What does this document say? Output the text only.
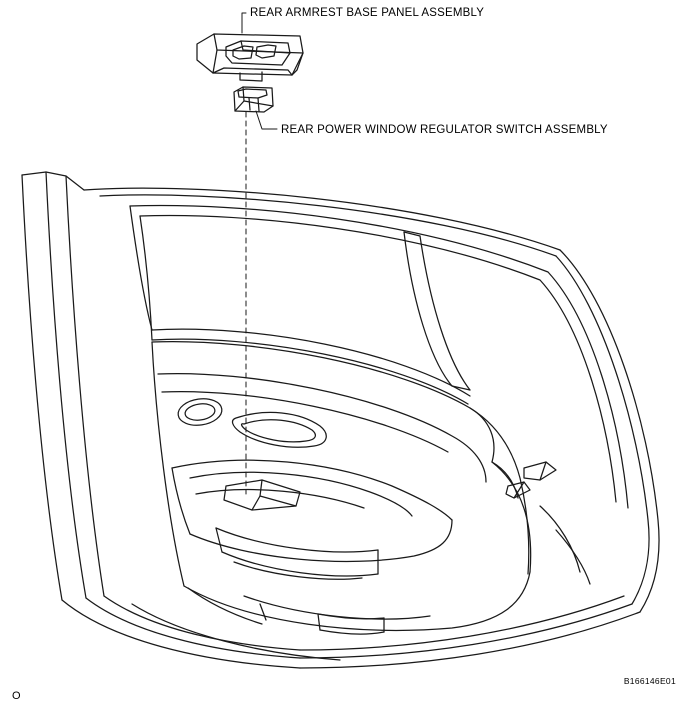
REAR ARMREST BASE PANEL ASSEMBLY
REAR POWER WINDOW REGULATOR SWITCH ASSEMBLY
B166146E01
O
